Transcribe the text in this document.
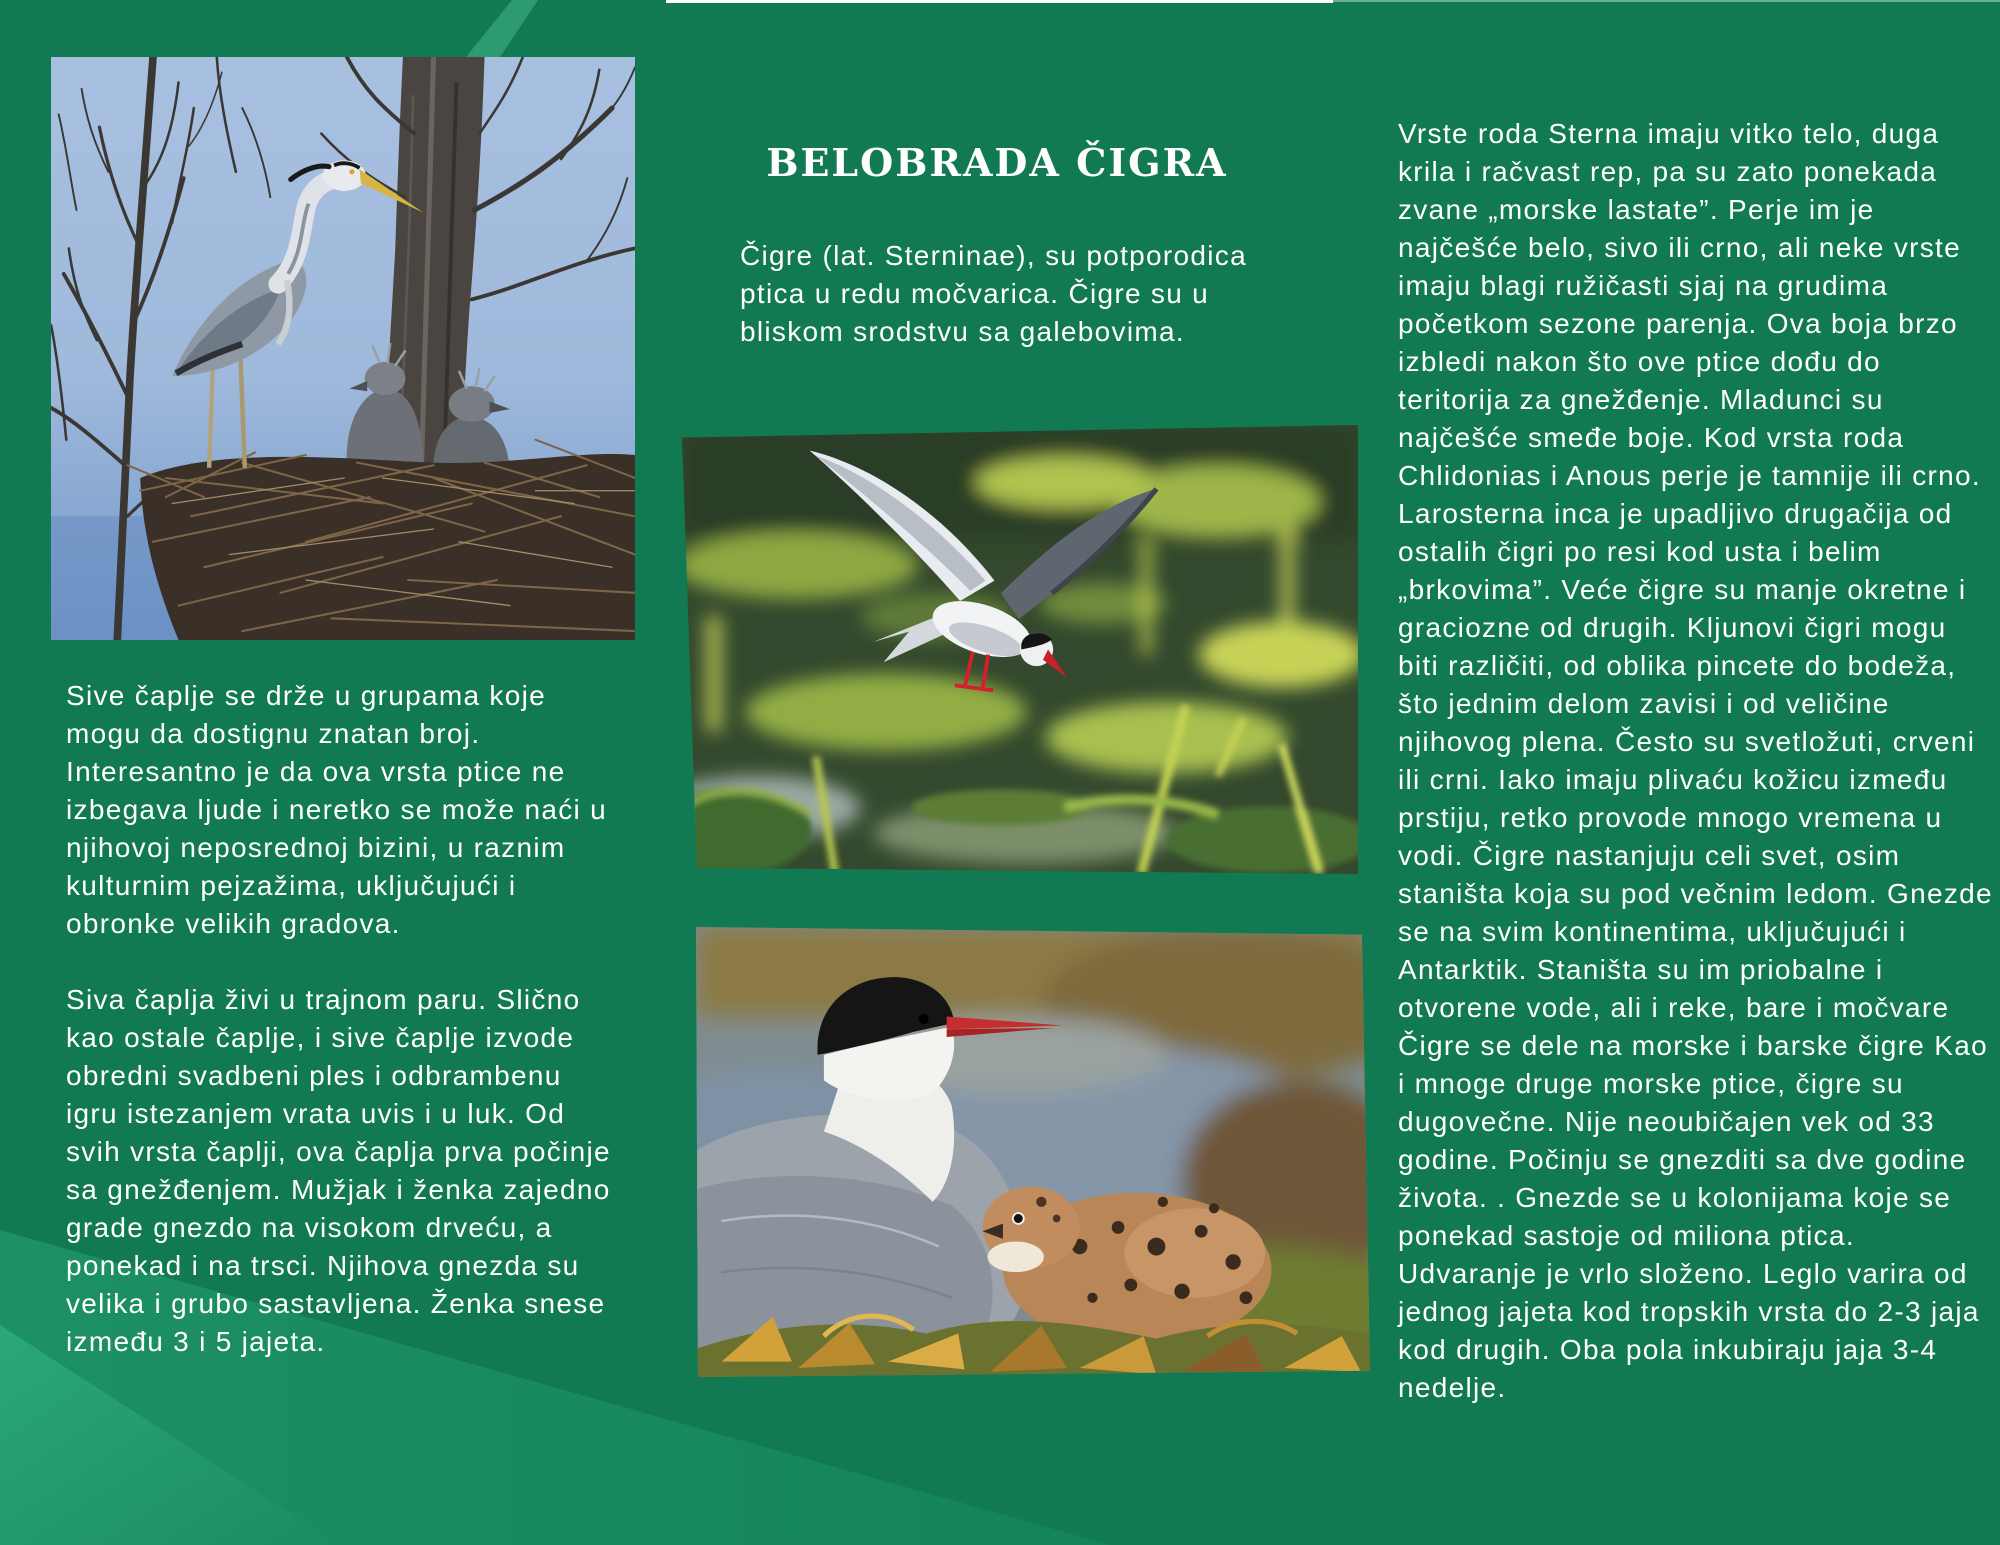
BELOBRADA ČIGRA

Čigre (lat. Sterninae), su potporodica ptica u redu močvarica. Čigre su u bliskom srodstvu sa galebovima.

Sive čaplje se drže u grupama koje mogu da dostignu znatan broj. Interesantno je da ova vrsta ptice ne izbegava ljude i neretko se može naći u njihovoj neposrednoj bizini, u raznim kulturnim pejzažima, uključujući i obronke velikih gradova.

Siva čaplja živi u trajnom paru. Slično kao ostale čaplje, i sive čaplje izvode obredni svadbeni ples i odbrambenu igru istezanjem vrata uvis i u luk. Od svih vrsta čaplji, ova čaplja prva počinje sa gnežđenjem. Mužjak i ženka zajedno grade gnezdo na visokom drveću, a ponekad i na trsci. Njihova gnezda su velika i grubo sastavljena. Ženka snese između 3 i 5 jajeta.

Vrste roda Sterna imaju vitko telo, duga krila i račvast rep, pa su zato ponekada zvane „morske lastate”. Perje im je najčešće belo, sivo ili crno, ali neke vrste imaju blagi ružičasti sjaj na grudima početkom sezone parenja. Ova boja brzo izbledi nakon što ove ptice dođu do teritorija za gnežđenje. Mladunci su najčešće smeđe boje. Kod vrsta roda Chlidonias i Anous perje je tamnije ili crno. Larosterna inca je upadljivo drugačija od ostalih čigri po resi kod usta i belim „brkovima”. Veće čigre su manje okretne i graciozne od drugih. Kljunovi čigri mogu biti različiti, od oblika pincete do bodeža, što jednim delom zavisi i od veličine njihovog plena. Često su svetložuti, crveni ili crni. Iako imaju plivaću kožicu između prstiju, retko provode mnogo vremena u vodi. Čigre nastanjuju celi svet, osim staništa koja su pod večnim ledom. Gnezde se na svim kontinentima, uključujući i Antarktik. Staništa su im priobalne i otvorene vode, ali i reke, bare i močvare Čigre se dele na morske i barske čigre Kao i mnoge druge morske ptice, čigre su dugovečne. Nije neoubičajen vek od 33 godine. Počinju se gnezditi sa dve godine života. . Gnezde se u kolonijama koje se ponekad sastoje od miliona ptica. Udvaranje je vrlo složeno. Leglo varira od jednog jajeta kod tropskih vrsta do 2-3 jaja kod drugih. Oba pola inkubiraju jaja 3-4 nedelje.
